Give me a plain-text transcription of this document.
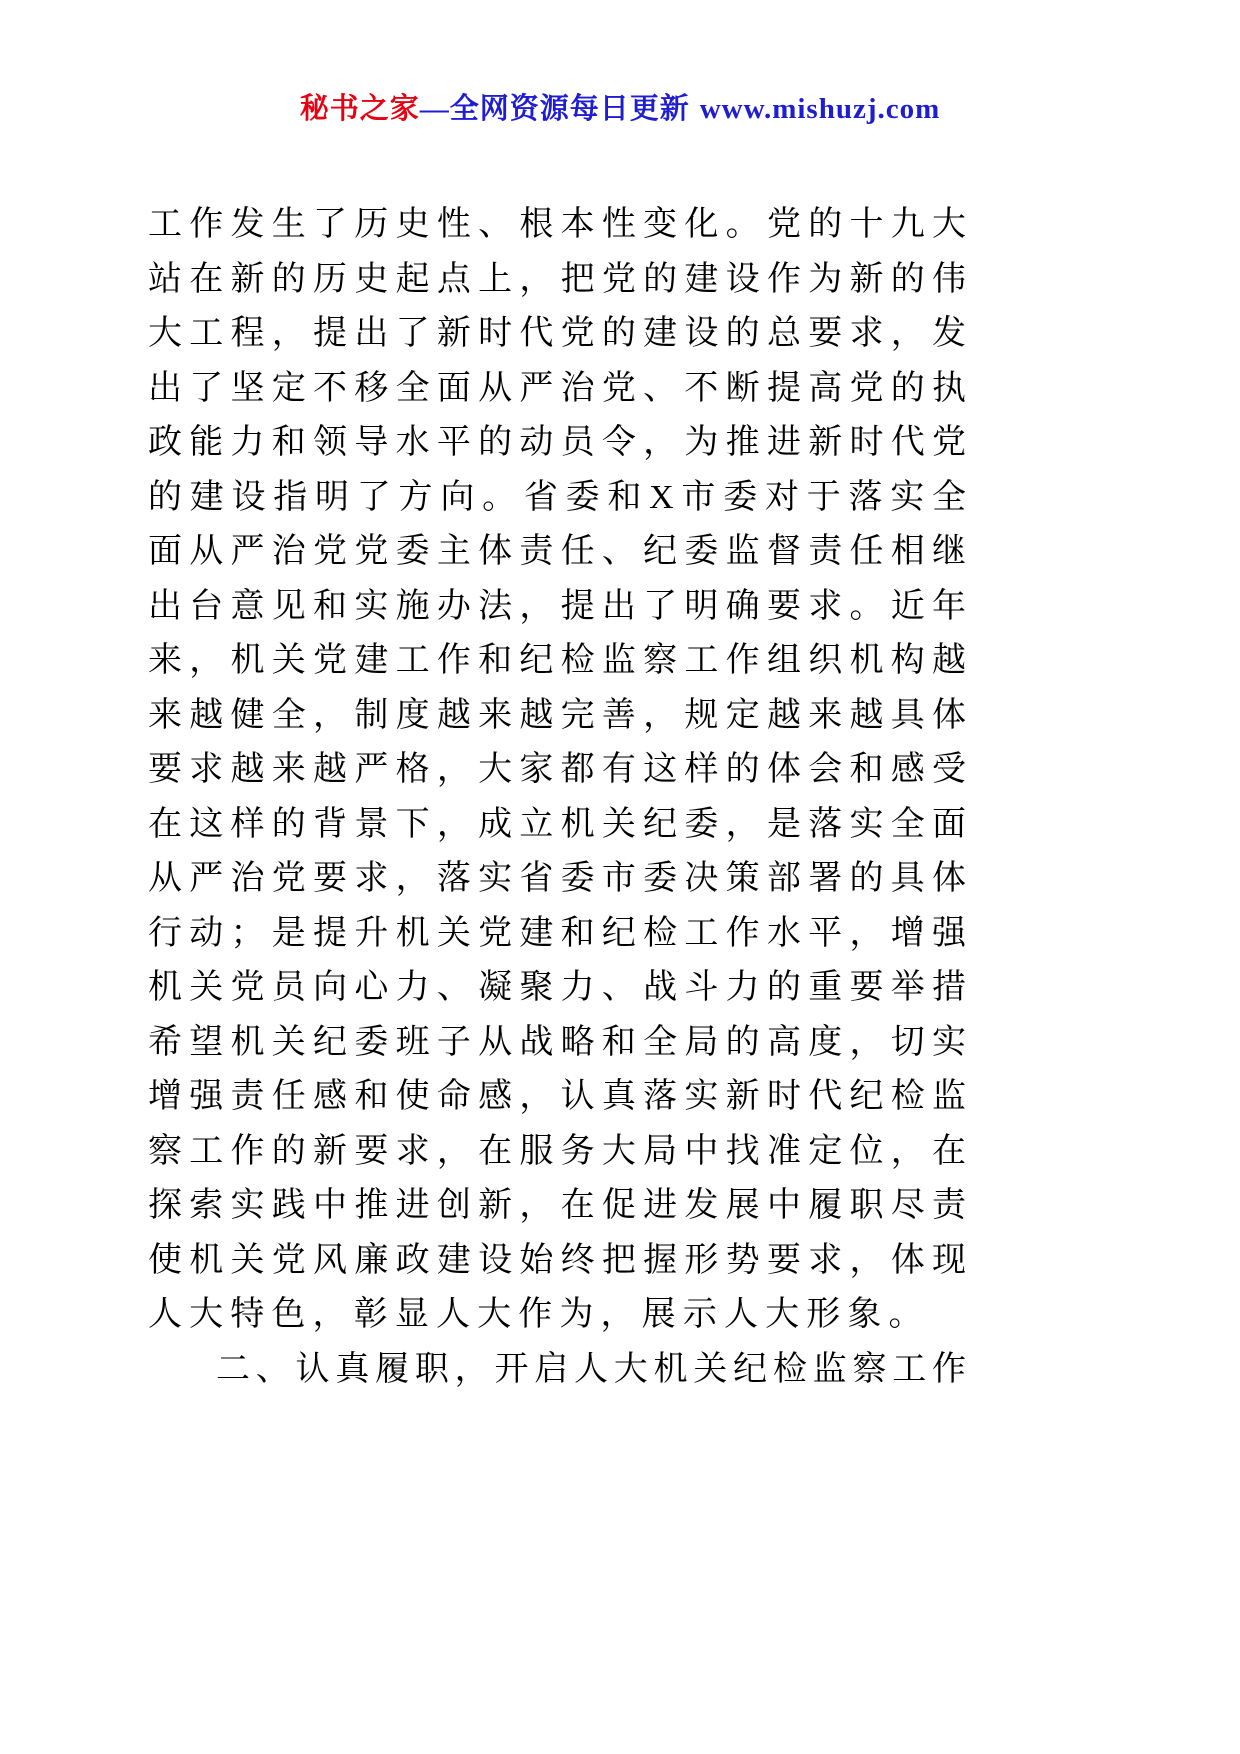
秘书之家—全网资源每日更新 www.mishuzj.com
工作发生了历史性、根本性变化。党的十九大
站在新的历史起点上，把党的建设作为新的伟
大工程，提出了新时代党的建设的总要求，发
出了坚定不移全面从严治党、不断提高党的执
政能力和领导水平的动员令，为推进新时代党
的建设指明了方向。省委和X市委对于落实全
面从严治党党委主体责任、纪委监督责任相继
出台意见和实施办法，提出了明确要求。近年
来，机关党建工作和纪检监察工作组织机构越
来越健全，制度越来越完善，规定越来越具体
要求越来越严格，大家都有这样的体会和感受
在这样的背景下，成立机关纪委，是落实全面
从严治党要求，落实省委市委决策部署的具体
行动；是提升机关党建和纪检工作水平，增强
机关党员向心力、凝聚力、战斗力的重要举措
希望机关纪委班子从战略和全局的高度，切实
增强责任感和使命感，认真落实新时代纪检监
察工作的新要求，在服务大局中找准定位，在
探索实践中推进创新，在促进发展中履职尽责
使机关党风廉政建设始终把握形势要求，体现
人大特色，彰显人大作为，展示人大形象。
二、认真履职，开启人大机关纪检监察工作
